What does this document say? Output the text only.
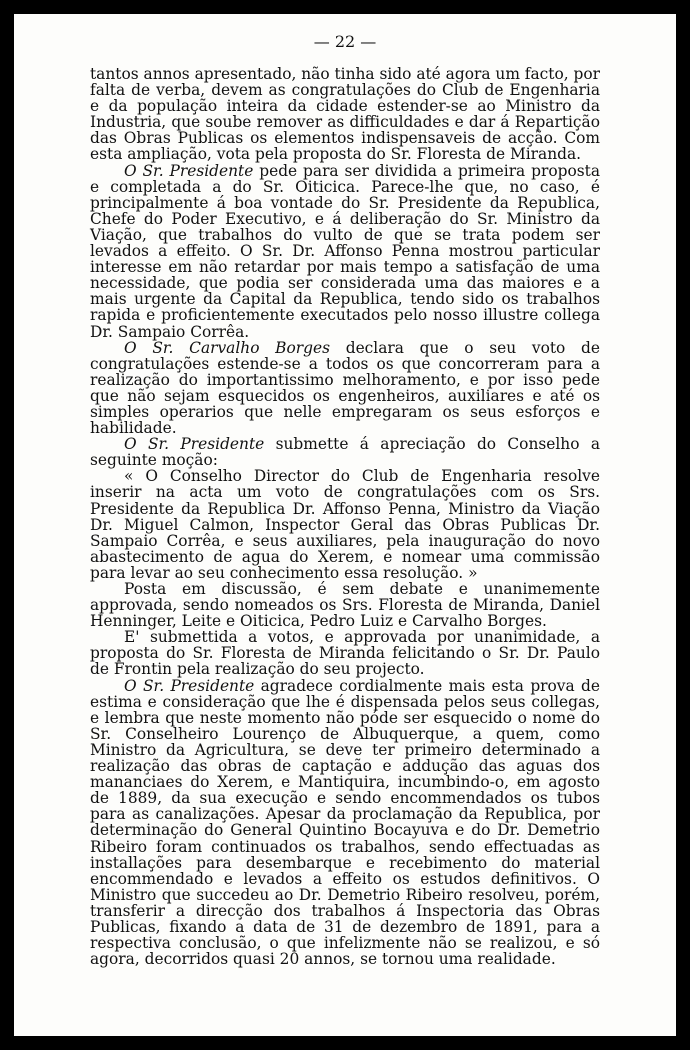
— 22 —

tantos annos apresentado, não tinha sido até agora um facto, por falta de verba, devem as congratulações do Club de Engenharia e da população inteira da cidade estender-se ao Ministro da Industria, que soube remover as difficuldades e dar á Repartição das Obras Publicas os elementos indispensaveis de acção. Com esta ampliação, vota pela proposta do Sr. Floresta de Miranda.

O Sr. Presidente pede para ser dividida a primeira proposta e completada a do Sr. Oiticica. Parece-lhe que, no caso, é principalmente á boa vontade do Sr. Presidente da Republica, Chefe do Poder Executivo, e á deliberação do Sr. Ministro da Viação, que trabalhos do vulto de que se trata podem ser levados a effeito. O Sr. Dr. Affonso Penna mostrou particular interesse em não retardar por mais tempo a satisfação de uma necessidade, que podia ser considerada uma das maiores e a mais urgente da Capital da Republica, tendo sido os trabalhos rapida e proficientemente executados pelo nosso illustre collega Dr. Sampaio Corrêa.

O Sr. Carvalho Borges declara que o seu voto de congratulações estende-se a todos os que concorreram para a realização do importantissimo melhoramento, e por isso pede que não sejam esquecidos os engenheiros, auxiliares e até os simples operarios que nelle empregaram os seus esforços e habilidade.

O Sr. Presidente submette á apreciação do Conselho a seguinte moção:

« O Conselho Director do Club de Engenharia resolve inserir na acta um voto de congratulações com os Srs. Presidente da Republica Dr. Affonso Penna, Ministro da Viação Dr. Miguel Calmon, Inspector Geral das Obras Publicas Dr. Sampaio Corrêa, e seus auxiliares, pela inauguração do novo abastecimento de agua do Xerem, e nomear uma commissão para levar ao seu conhecimento essa resolução. »

Posta em discussão, é sem debate e unanimemente approvada, sendo nomeados os Srs. Floresta de Miranda, Daniel Henninger, Leite e Oiticica, Pedro Luiz e Carvalho Borges.

E' submettida a votos, e approvada por unanimidade, a proposta do Sr. Floresta de Miranda felicitando o Sr. Dr. Paulo de Frontin pela realização do seu projecto.

O Sr. Presidente agradece cordialmente mais esta prova de estima e consideração que lhe é dispensada pelos seus collegas, e lembra que neste momento não póde ser esquecido o nome do Sr. Conselheiro Lourenço de Albuquerque, a quem, como Ministro da Agricultura, se deve ter primeiro determinado a realização das obras de captação e addução das aguas dos mananciaes do Xerem, e Mantiquira, incumbindo-o, em agosto de 1889, da sua execução e sendo encommendados os tubos para as canalizações. Apesar da proclamação da Republica, por determinação do General Quintino Bocayuva e do Dr. Demetrio Ribeiro foram continuados os trabalhos, sendo effectuadas as installações para desembarque e recebimento do material encommendado e levados a effeito os estudos definitivos. O Ministro que succedeu ao Dr. Demetrio Ribeiro resolveu, porém, transferir a direcção dos trabalhos á Inspectoria das Obras Publicas, fixando a data de 31 de dezembro de 1891, para a respectiva conclusão, o que infelizmente não se realizou, e só agora, decorridos quasi 20 annos, se tornou uma realidade.
